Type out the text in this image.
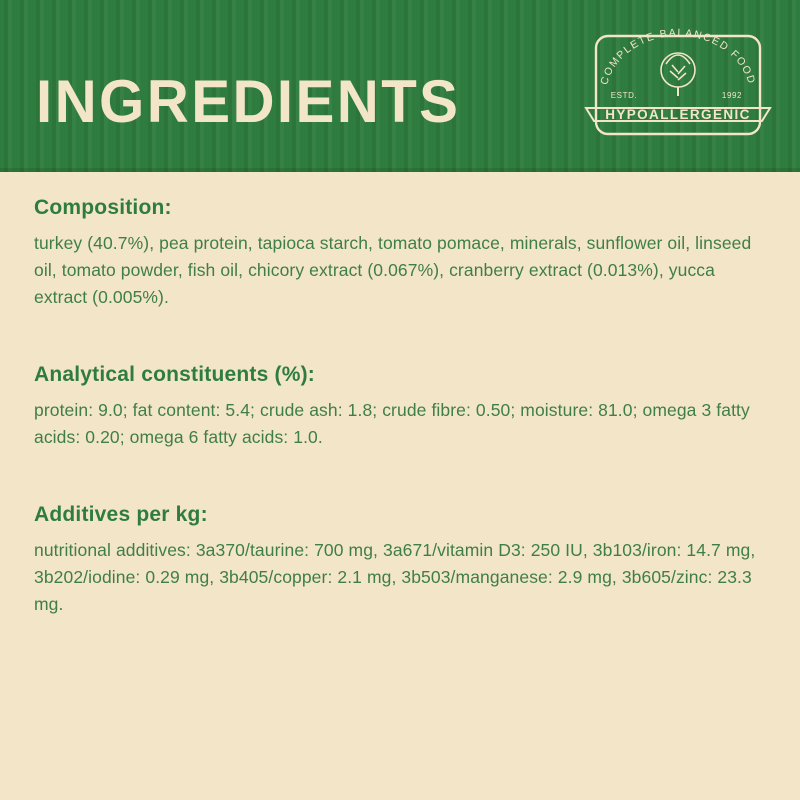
INGREDIENTS	COMPLETE BALANCED FOOD
ESTD.	1992
HYPOALLERGENIC

Composition:

turkey (40.7%), pea protein, tapioca starch, tomato pomace, minerals, sunflower oil, linseed oil, tomato powder, fish oil, chicory extract (0.067%), cranberry extract (0.013%), yucca extract (0.005%).

Analytical constituents (%):

protein: 9.0; fat content: 5.4; crude ash: 1.8; crude fibre: 0.50; moisture: 81.0; omega 3 fatty acids: 0.20; omega 6 fatty acids: 1.0.

Additives per kg:

nutritional additives: 3a370/taurine: 700 mg, 3a671/vitamin D3: 250 IU, 3b103/iron: 14.7 mg, 3b202/iodine: 0.29 mg, 3b405/copper: 2.1 mg, 3b503/manganese: 2.9 mg, 3b605/zinc: 23.3 mg.
